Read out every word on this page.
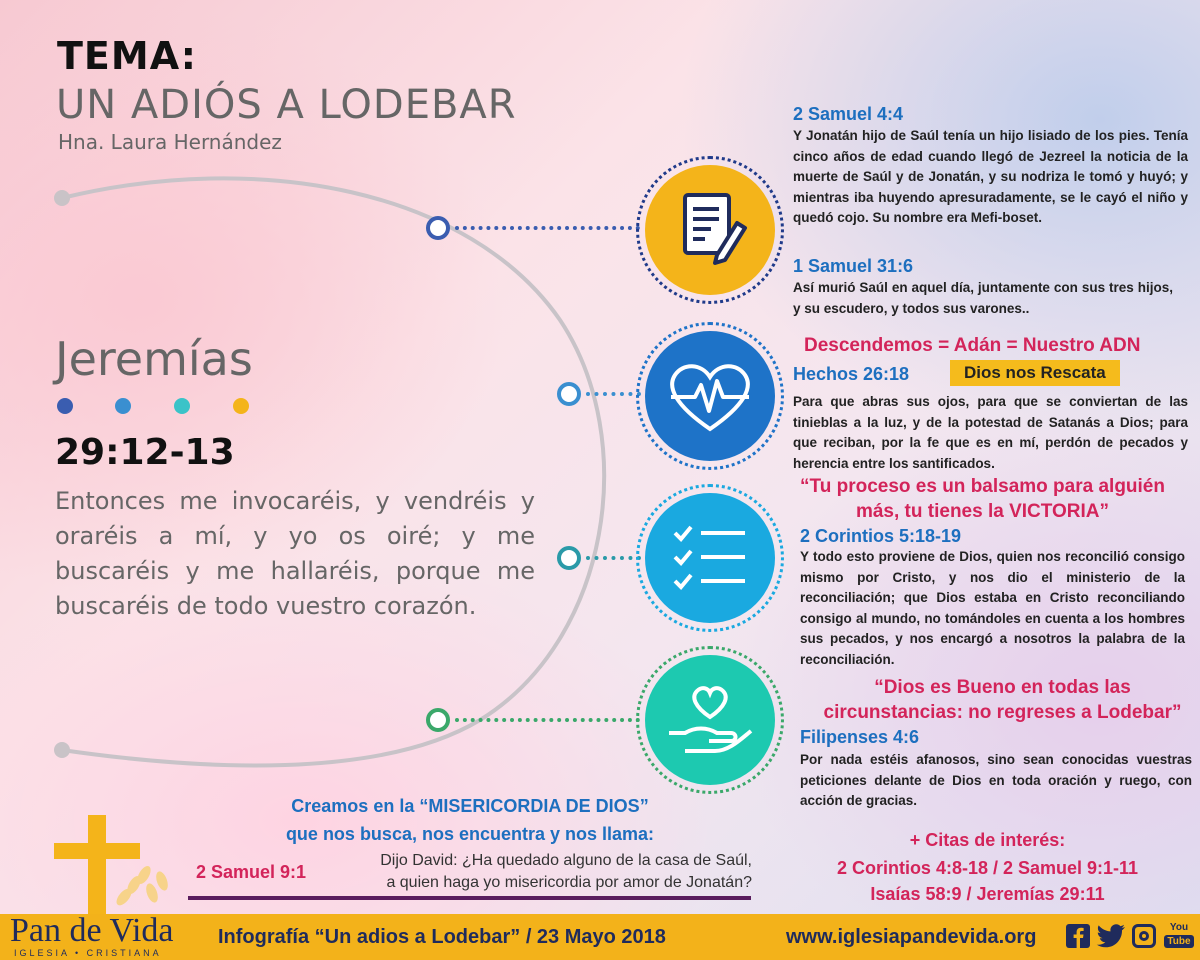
TEMA:
UN ADIÓS A LODEBAR
Hna. Laura Hernández
Jeremías
29:12-13
Entonces me invocaréis, y vendréis y oraréis a mí, y yo os oiré; y me buscaréis y me hallaréis, porque me buscaréis de todo vuestro corazón.
2 Samuel 4:4
Y Jonatán hijo de Saúl tenía un hijo lisiado de los pies. Tenía cinco años de edad cuando llegó de Jezreel la noticia de la muerte de Saúl y de Jonatán, y su nodriza le tomó y huyó; y mientras iba huyendo apresuradamente, se le cayó el niño y quedó cojo. Su nombre era Mefi-boset.
1 Samuel 31:6
Así murió Saúl en aquel día, juntamente con sus tres hijos, y su escudero, y todos sus varones..
Descendemos = Adán = Nuestro ADN
Hechos 26:18	Dios nos Rescata
Para que abras sus ojos, para que se conviertan de las tinieblas a la luz, y de la potestad de Satanás a Dios; para que reciban, por la fe que es en mí, perdón de pecados y herencia entre los santificados.
“Tu proceso es un balsamo para alguién más, tu tienes la VICTORIA”
2 Corintios 5:18-19
Y todo esto proviene de Dios, quien nos reconcilió consigo mismo por Cristo, y nos dio el ministerio de la reconciliación; que Dios estaba en Cristo reconciliando consigo al mundo, no tomándoles en cuenta a los hombres sus pecados, y nos encargó a nosotros la palabra de la reconciliación.
“Dios es Bueno en todas las circunstancias: no regreses a Lodebar”
Filipenses 4:6
Por nada estéis afanosos, sino sean conocidas vuestras peticiones delante de Dios en toda oración y ruego, con acción de gracias.
Creamos en la “MISERICORDIA DE DIOS”
que nos busca, nos encuentra y nos llama:
2 Samuel 9:1
Dijo David: ¿Ha quedado alguno de la casa de Saúl,
a quien haga yo misericordia por amor de Jonatán?
+ Citas de interés:
2 Corintios 4:8-18 / 2 Samuel 9:1-11
Isaías 58:9 / Jeremías 29:11
Pan de Vida
IGLESIA • CRISTIANA
Infografía “Un adios a Lodebar” / 23 Mayo 2018	www.iglesiapandevida.org	You
Tube
